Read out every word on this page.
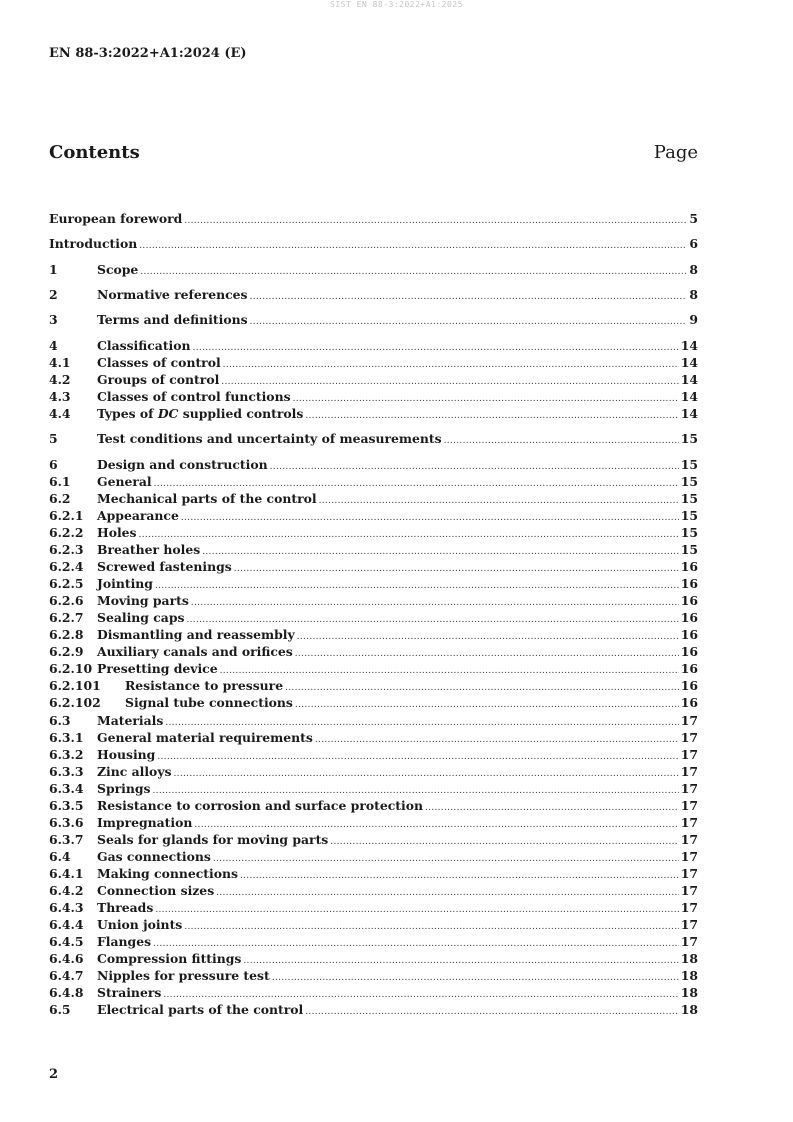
SIST EN 88-3:2022+A1:2025
EN 88-3:2022+A1:2024 (E)
Contents	Page
European foreword .....	5
Introduction .....	6
1	Scope .....	8
2	Normative references .....	8
3	Terms and definitions .....	9
4	Classification .....	14
4.1	Classes of control .....	14
4.2	Groups of control .....	14
4.3	Classes of control functions .....	14
4.4	Types of DC supplied controls .....	14
5	Test conditions and uncertainty of measurements .....	15
6	Design and construction .....	15
6.1	General .....	15
6.2	Mechanical parts of the control .....	15
6.2.1	Appearance .....	15
6.2.2	Holes .....	15
6.2.3	Breather holes .....	15
6.2.4	Screwed fastenings .....	16
6.2.5	Jointing .....	16
6.2.6	Moving parts .....	16
6.2.7	Sealing caps .....	16
6.2.8	Dismantling and reassembly .....	16
6.2.9	Auxiliary canals and orifices .....	16
6.2.10 Presetting device .....	16
6.2.101	Resistance to pressure .....	16
6.2.102	Signal tube connections .....	16
6.3	Materials .....	17
6.3.1	General material requirements .....	17
6.3.2	Housing .....	17
6.3.3	Zinc alloys .....	17
6.3.4	Springs .....	17
6.3.5	Resistance to corrosion and surface protection .....	17
6.3.6	Impregnation .....	17
6.3.7	Seals for glands for moving parts .....	17
6.4	Gas connections .....	17
6.4.1	Making connections .....	17
6.4.2	Connection sizes .....	17
6.4.3	Threads .....	17
6.4.4	Union joints .....	17
6.4.5	Flanges .....	17
6.4.6	Compression fittings .....	18
6.4.7	Nipples for pressure test .....	18
6.4.8	Strainers .....	18
6.5	Electrical parts of the control .....	18
2
